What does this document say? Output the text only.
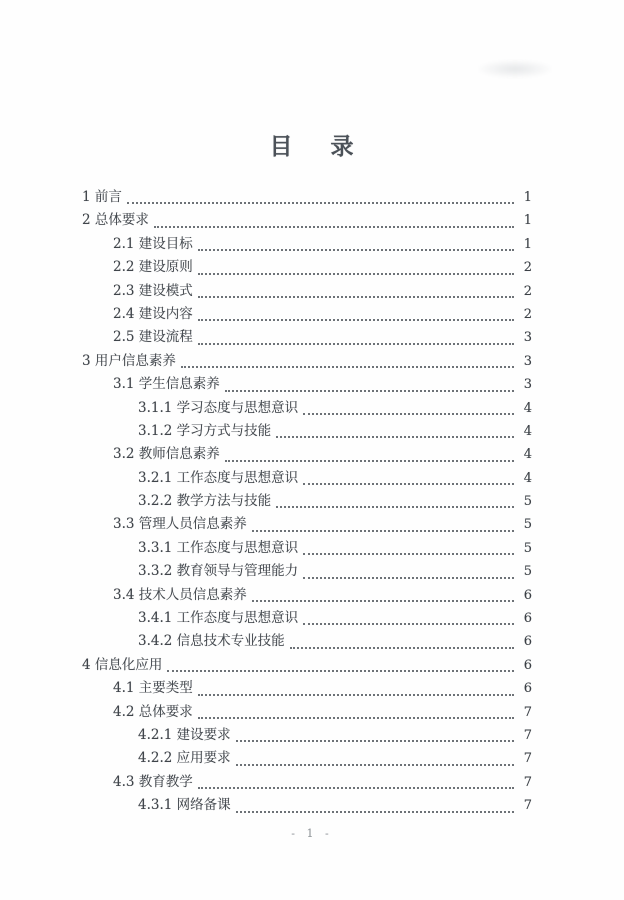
目 录
1 前言	1
2 总体要求	1
2.1 建设目标	1
2.2 建设原则	2
2.3 建设模式	2
2.4 建设内容	2
2.5 建设流程	3
3 用户信息素养	3
3.1 学生信息素养	3
3.1.1 学习态度与思想意识	4
3.1.2 学习方式与技能	4
3.2 教师信息素养	4
3.2.1 工作态度与思想意识	4
3.2.2 教学方法与技能	5
3.3 管理人员信息素养	5
3.3.1 工作态度与思想意识	5
3.3.2 教育领导与管理能力	5
3.4 技术人员信息素养	6
3.4.1 工作态度与思想意识	6
3.4.2 信息技术专业技能	6
4 信息化应用	6
4.1 主要类型	6
4.2 总体要求	7
4.2.1 建设要求	7
4.2.2 应用要求	7
4.3 教育教学	7
4.3.1 网络备课	7
- 1 -
